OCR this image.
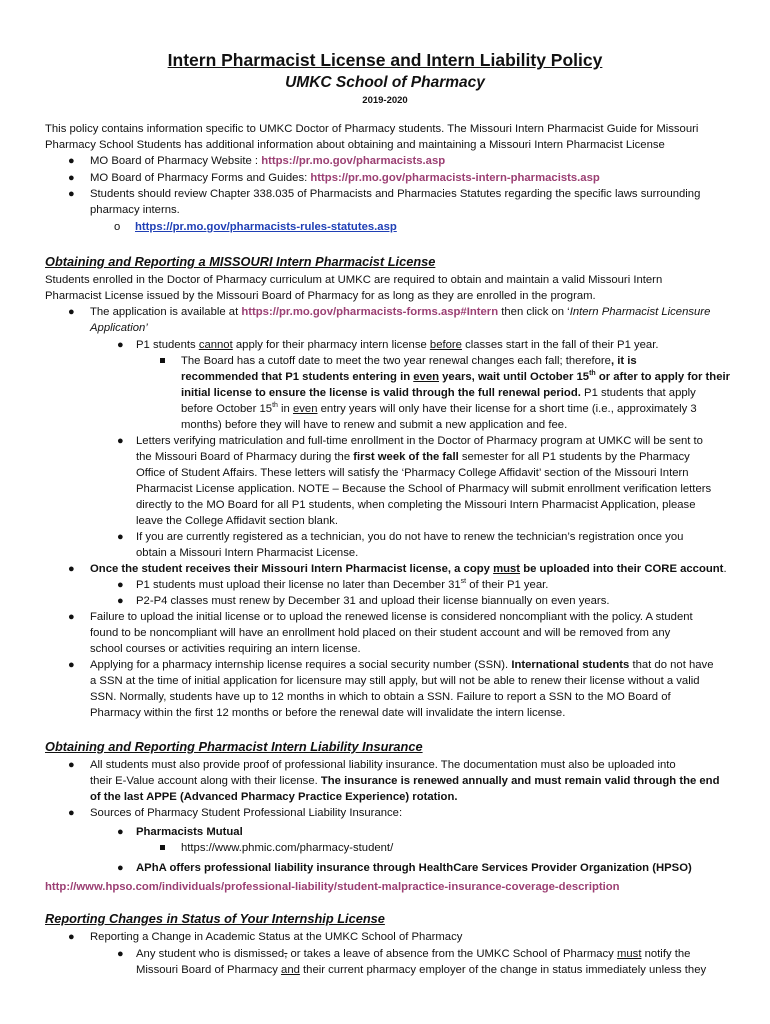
Intern Pharmacist License and Intern Liability Policy
UMKC School of Pharmacy

2019-2020

This policy contains information specific to UMKC Doctor of Pharmacy students. The Missouri Intern Pharmacist Guide for Missouri

Pharmacy School Students has additional information about obtaining and maintaining a Missouri Intern Pharmacist License

● MO Board of Pharmacy Website : https://pr.mo.gov/pharmacists.asp

● MO Board of Pharmacy Forms and Guides: https://pr.mo.gov/pharmacists-intern-pharmacists.asp

● Students should review Chapter 338.035 of Pharmacists and Pharmacies Statutes regarding the specific laws surrounding

pharmacy interns.

o https://pr.mo.gov/pharmacists-rules-statutes.asp
Obtaining and Reporting a MISSOURI Intern Pharmacist License

Students enrolled in the Doctor of Pharmacy curriculum at UMKC are required to obtain and maintain a valid Missouri Intern

Pharmacist License issued by the Missouri Board of Pharmacy for as long as they are enrolled in the program.

● The application is available at https://pr.mo.gov/pharmacists-forms.asp#Intern then click on ‘Intern Pharmacist Licensure

Application’

● P1 students cannot apply for their pharmacy intern license before classes start in the fall of their P1 year.

The Board has a cutoff date to meet the two year renewal changes each fall; therefore, it is

recommended that P1 students entering in even years, wait until October 15th or after to apply for their

initial license to ensure the license is valid through the full renewal period. P1 students that apply

before October 15th in even entry years will only have their license for a short time (i.e., approximately 3

months) before they will have to renew and submit a new application and fee.

● Letters verifying matriculation and full-time enrollment in the Doctor of Pharmacy program at UMKC will be sent to

the Missouri Board of Pharmacy during the first week of the fall semester for all P1 students by the Pharmacy

Office of Student Affairs. These letters will satisfy the ‘Pharmacy College Affidavit’ section of the Missouri Intern

Pharmacist License application. NOTE – Because the School of Pharmacy will submit enrollment verification letters

directly to the MO Board for all P1 students, when completing the Missouri Intern Pharmacist Application, please

leave the College Affidavit section blank.

● If you are currently registered as a technician, you do not have to renew the technician’s registration once you

obtain a Missouri Intern Pharmacist License.

● Once the student receives their Missouri Intern Pharmacist license, a copy must be uploaded into their CORE account.

● P1 students must upload their license no later than December 31st of their P1 year.

● P2-P4 classes must renew by December 31 and upload their license biannually on even years.

● Failure to upload the initial license or to upload the renewed license is considered noncompliant with the policy. A student

found to be noncompliant will have an enrollment hold placed on their student account and will be removed from any

school courses or activities requiring an intern license.

● Applying for a pharmacy internship license requires a social security number (SSN). International students that do not have

a SSN at the time of initial application for licensure may still apply, but will not be able to renew their license without a valid

SSN. Normally, students have up to 12 months in which to obtain a SSN. Failure to report a SSN to the MO Board of

Pharmacy within the first 12 months or before the renewal date will invalidate the intern license.

Obtaining and Reporting Pharmacist Intern Liability Insurance
● All students must also provide proof of professional liability insurance. The documentation must also be uploaded into

their E-Value account along with their license. The insurance is renewed annually and must remain valid through the end

of the last APPE (Advanced Pharmacy Practice Experience) rotation.

● Sources of Pharmacy Student Professional Liability Insurance:

● Pharmacists Mutual

https://www.phmic.com/pharmacy-student/

● APhA offers professional liability insurance through HealthCare Services Provider Organization (HPSO)

http://www.hpso.com/individuals/professional-liability/student-malpractice-insurance-coverage-description
Reporting Changes in Status of Your Internship License
● Reporting a Change in Academic Status at the UMKC School of Pharmacy

● Any student who is dismissed, or takes a leave of absence from the UMKC School of Pharmacy must notify the

Missouri Board of Pharmacy and their current pharmacy employer of the change in status immediately unless they
